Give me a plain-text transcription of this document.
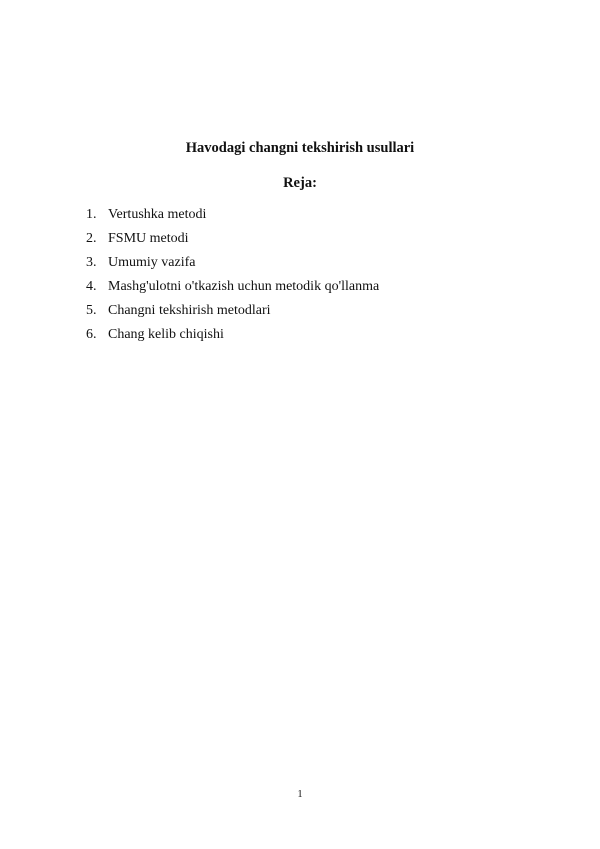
Havodagi changni tekshirish usullari
Reja:
1. Vertushka metodi
2. FSMU metodi
3. Umumiy vazifa
4. Mashg'ulotni o'tkazish uchun metodik qo'llanma
5. Changni tekshirish metodlari
6. Chang kelib chiqishi
1
